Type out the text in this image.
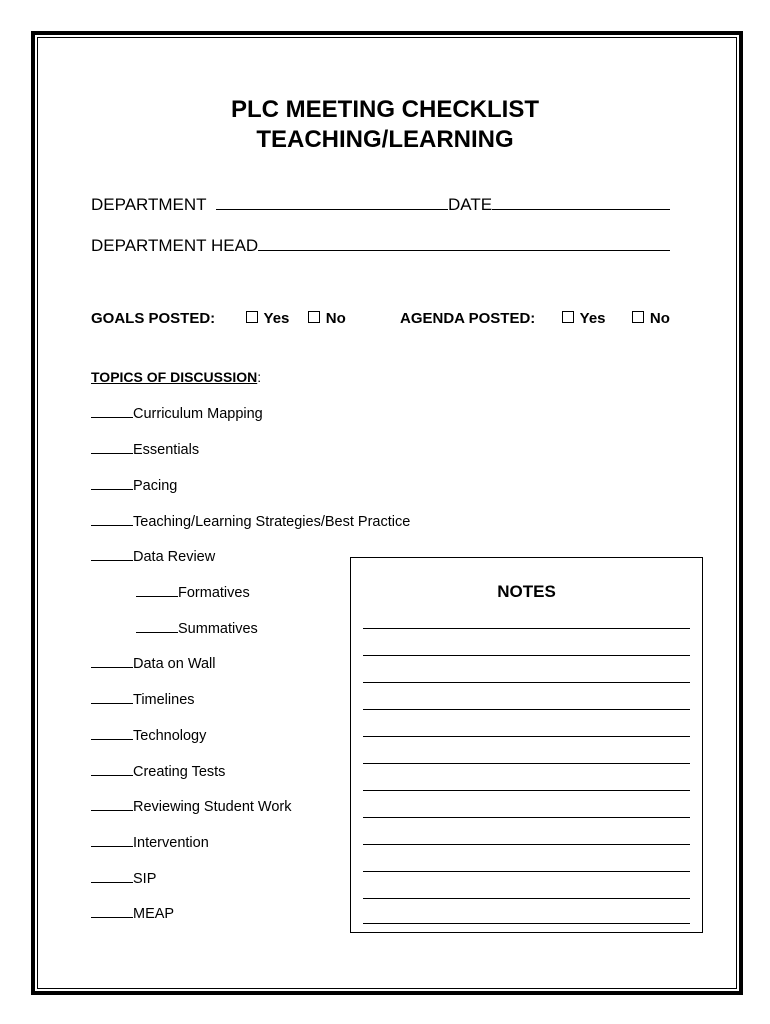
PLC MEETING CHECKLIST
TEACHING/LEARNING
DEPARTMENT	DATE
DEPARTMENT HEAD
GOALS POSTED:	Yes No	AGENDA POSTED:	Yes	No
TOPICS OF DISCUSSION:
Curriculum Mapping
Essentials
Pacing
Teaching/Learning Strategies/Best Practice
Data Review
Formatives
Summatives
Data on Wall
Timelines
Technology
Creating Tests
Reviewing Student Work
Intervention
SIP
MEAP
NOTES
